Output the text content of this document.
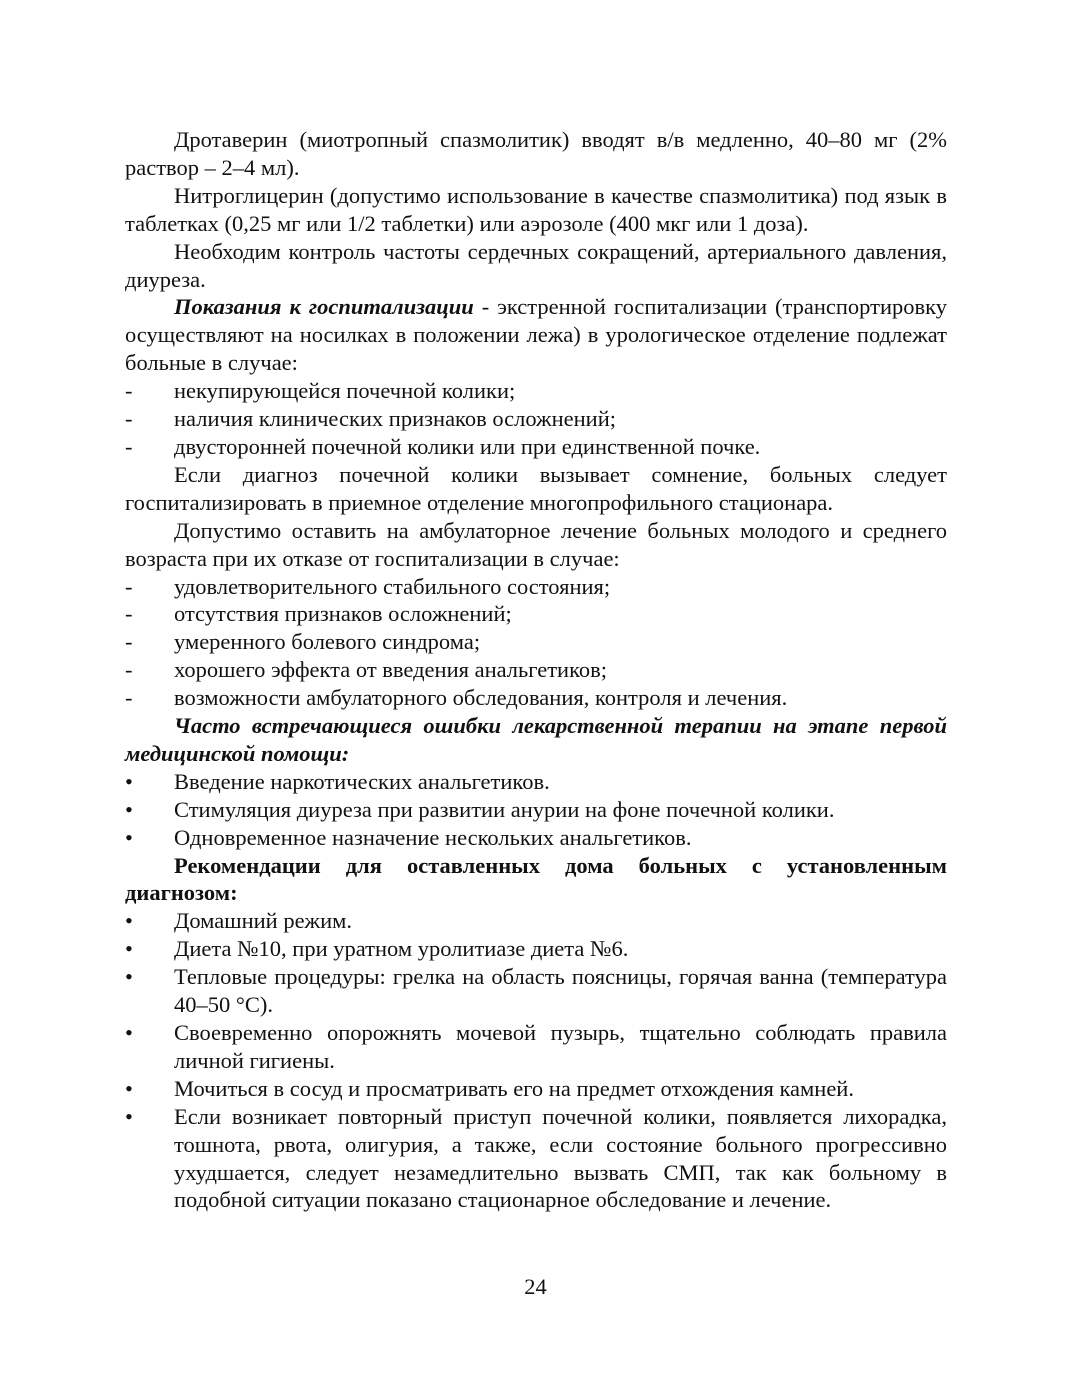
Дротаверин (миотропный спазмолитик) вводят в/в медленно, 40–80 мг (2% раствор – 2–4 мл).

Нитроглицерин (допустимо использование в качестве спазмолитика) под язык в таблетках (0,25 мг или 1/2 таблетки) или аэрозоле (400 мкг или 1 доза).

Необходим контроль частоты сердечных сокращений, артериального давления, диуреза.

Показания к госпитализации - экстренной госпитализации (транспортировку осуществляют на носилках в положении лежа) в урологическое отделение подлежат больные в случае:

- некупирующейся почечной колики;

- наличия клинических признаков осложнений;

- двусторонней почечной колики или при единственной почке.

Если диагноз почечной колики вызывает сомнение, больных следует госпитализировать в приемное отделение многопрофильного стационара.

Допустимо оставить на амбулаторное лечение больных молодого и среднего возраста при их отказе от госпитализации в случае:

- удовлетворительного стабильного состояния;

- отсутствия признаков осложнений;

- умеренного болевого синдрома;

- хорошего эффекта от введения анальгетиков;

- возможности амбулаторного обследования, контроля и лечения.

Часто встречающиеся ошибки лекарственной терапии на этапе первой медицинской помощи:

• Введение наркотических анальгетиков.

• Стимуляция диуреза при развитии анурии на фоне почечной колики.

• Одновременное назначение нескольких анальгетиков.

Рекомендации для оставленных дома больных с установленным диагнозом:

• Домашний режим.

• Диета №10, при уратном уролитиазе диета №6.

• Тепловые процедуры: грелка на область поясницы, горячая ванна (температура 40–50 °C).

• Своевременно опорожнять мочевой пузырь, тщательно соблюдать правила личной гигиены.

• Мочиться в сосуд и просматривать его на предмет отхождения камней.

• Если возникает повторный приступ почечной колики, появляется лихорадка, тошнота, рвота, олигурия, а также, если состояние больного прогрессивно ухудшается, следует незамедлительно вызвать СМП, так как больному в подобной ситуации показано стационарное обследование и лечение.

24
